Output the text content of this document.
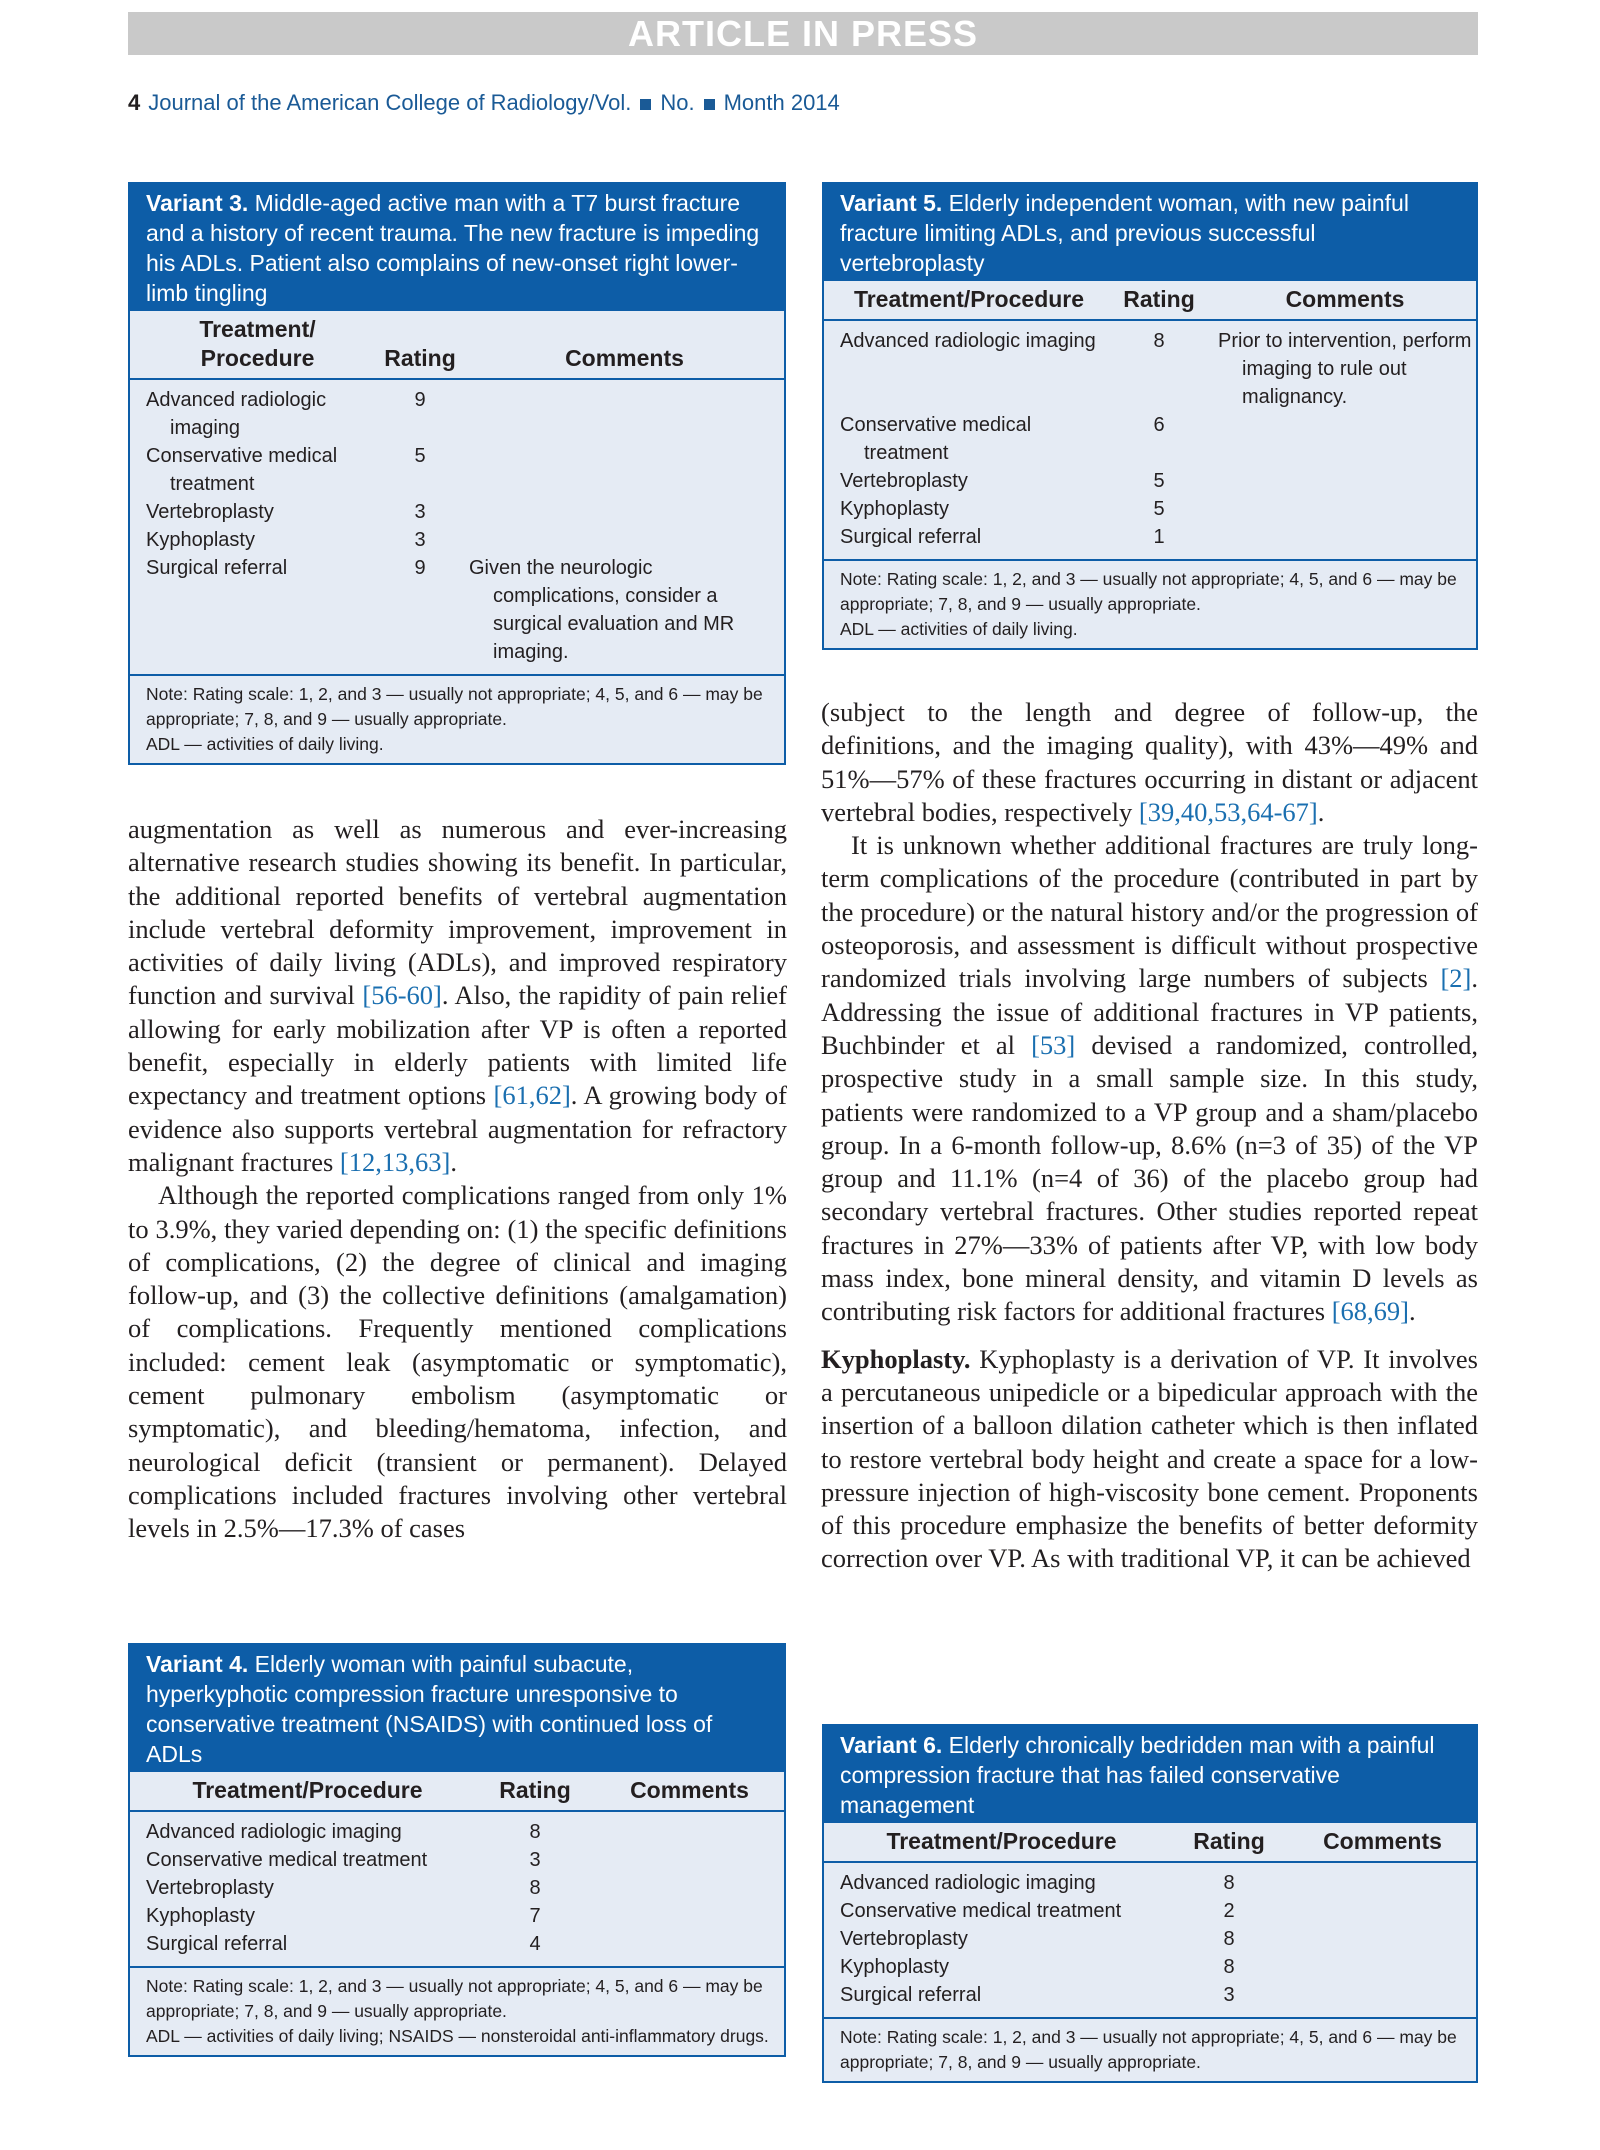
ARTICLE IN PRESS
4 Journal of the American College of Radiology/Vol. No. Month 2014
Variant 3. Middle-aged active man with a T7 burst fracture and a history of recent trauma. The new fracture is impeding his ADLs. Patient also complains of new-onset right lower-limb tingling
Treatment/
Procedure	Rating	Comments

Advanced radiologic imaging	9	

Conservative medical treatment	5	

Vertebroplasty	3	

Kyphoplasty	3	

Surgical referral	9	Given the neurologic complications, consider a surgical evaluation and MR imaging.
Note: Rating scale: 1, 2, and 3 — usually not appropriate; 4, 5, and 6 — may be appropriate; 7, 8, and 9 — usually appropriate.
ADL — activities of daily living.
Variant 5. Elderly independent woman, with new painful fracture limiting ADLs, and previous successful vertebroplasty
Treatment/Procedure	Rating	Comments

Advanced radiologic imaging	8	Prior to intervention, perform imaging to rule out malignancy.

Conservative medical treatment	6	

Vertebroplasty	5	

Kyphoplasty	5	

Surgical referral	1	
Note: Rating scale: 1, 2, and 3 — usually not appropriate; 4, 5, and 6 — may be appropriate; 7, 8, and 9 — usually appropriate.
ADL — activities of daily living.

augmentation as well as numerous and ever-increasing alternative research studies showing its benefit. In particular, the additional reported benefits of vertebral augmentation include vertebral deformity improvement, improvement in activities of daily living (ADLs), and improved respiratory function and survival [56-60]. Also, the rapidity of pain relief allowing for early mobilization after VP is often a reported benefit, especially in elderly patients with limited life expectancy and treatment options [61,62]. A growing body of evidence also supports vertebral augmentation for refractory malignant fractures [12,13,63].

Although the reported complications ranged from only 1% to 3.9%, they varied depending on: (1) the specific definitions of complications, (2) the degree of clinical and imaging follow-up, and (3) the collective definitions (amalgamation) of complications. Frequently mentioned complications included: cement leak (asymptomatic or symptomatic), cement pulmonary embolism (asymptomatic or symptomatic), and bleeding/hematoma, infection, and neurological deficit (transient or permanent). Delayed complications included fractures involving other vertebral levels in 2.5%—17.3% of cases

(subject to the length and degree of follow-up, the definitions, and the imaging quality), with 43%—49% and 51%—57% of these fractures occurring in distant or adjacent vertebral bodies, respectively [39,40,53,64-67].

It is unknown whether additional fractures are truly long-term complications of the procedure (contributed in part by the procedure) or the natural history and/or the progression of osteoporosis, and assessment is difficult without prospective randomized trials involving large numbers of subjects [2]. Addressing the issue of additional fractures in VP patients, Buchbinder et al [53] devised a randomized, controlled, prospective study in a small sample size. In this study, patients were randomized to a VP group and a sham/placebo group. In a 6-month follow-up, 8.6% (n=3 of 35) of the VP group and 11.1% (n=4 of 36) of the placebo group had secondary vertebral fractures. Other studies reported repeat fractures in 27%—33% of patients after VP, with low body mass index, bone mineral density, and vitamin D levels as contributing risk factors for additional fractures [68,69].

Kyphoplasty. Kyphoplasty is a derivation of VP. It involves a percutaneous unipedicle or a bipedicular approach with the insertion of a balloon dilation catheter which is then inflated to restore vertebral body height and create a space for a low-pressure injection of high-viscosity bone cement. Proponents of this procedure emphasize the benefits of better deformity correction over VP. As with traditional VP, it can be achieved

Variant 4. Elderly woman with painful subacute, hyperkyphotic compression fracture unresponsive to conservative treatment (NSAIDS) with continued loss of ADLs
Treatment/Procedure	Rating	Comments

Advanced radiologic imaging	8	

Conservative medical treatment	3	

Vertebroplasty	8	

Kyphoplasty	7	

Surgical referral	4	
Note: Rating scale: 1, 2, and 3 — usually not appropriate; 4, 5, and 6 — may be appropriate; 7, 8, and 9 — usually appropriate.
ADL — activities of daily living; NSAIDS — nonsteroidal anti-inflammatory drugs.
Variant 6. Elderly chronically bedridden man with a painful compression fracture that has failed conservative management
Treatment/Procedure	Rating	Comments

Advanced radiologic imaging	8	

Conservative medical treatment	2	

Vertebroplasty	8	

Kyphoplasty	8	

Surgical referral	3	
Note: Rating scale: 1, 2, and 3 — usually not appropriate; 4, 5, and 6 — may be appropriate; 7, 8, and 9 — usually appropriate.
